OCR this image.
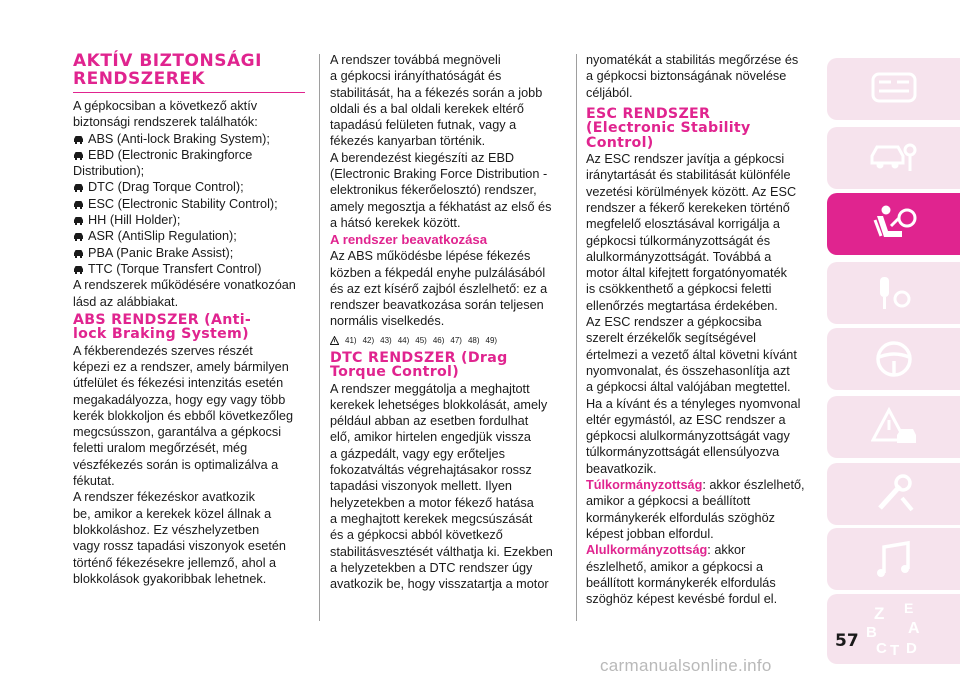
AKTÍV BIZTONSÁGI
RENDSZEREK

A gépkocsiban a következő aktív
biztonsági rendszerek találhatók:

ABS (Anti-lock Braking System);
EBD (Electronic Brakingforce

Distribution);

DTC (Drag Torque Control);
ESC (Electronic Stability Control);
HH (Hill Holder);
ASR (AntiSlip Regulation);
PBA (Panic Brake Assist);
TTC (Torque Transfert Control)

A rendszerek működésére vonatkozóan
lásd az alábbiakat.

ABS RENDSZER (Anti-
lock Braking System)

A fékberendezés szerves részét
képezi ez a rendszer, amely bármilyen
útfelület és fékezési intenzitás esetén
megakadályozza, hogy egy vagy több
kerék blokkoljon és ebből következőleg
megcsússzon, garantálva a gépkocsi
feletti uralom megőrzését, még
vészfékezés során is optimalizálva a
fékutat.

A rendszer fékezéskor avatkozik
be, amikor a kerekek közel állnak a
blokkoláshoz. Ez vészhelyzetben
vagy rossz tapadási viszonyok esetén
történő fékezésekre jellemző, ahol a
blokkolások gyakoribbak lehetnek.

A rendszer továbbá megnöveli
a gépkocsi irányíthatóságát és
stabilitását, ha a fékezés során a jobb
oldali és a bal oldali kerekek eltérő
tapadású felületen futnak, vagy a
fékezés kanyarban történik.

A berendezést kiegészíti az EBD
(Electronic Braking Force Distribution -
elektronikus fékerőelosztó) rendszer,
amely megosztja a fékhatást az első és
a hátsó kerekek között.

A rendszer beavatkozása

Az ABS működésbe lépése fékezés
közben a fékpedál enyhe pulzálásából
és az ezt kísérő zajból észlelhető: ez a
rendszer beavatkozása során teljesen
normális viselkedés.

41) 42) 43) 44) 45) 46) 47) 48) 49)
DTC RENDSZER (Drag
Torque Control)

A rendszer meggátolja a meghajtott
kerekek lehetséges blokkolását, amely
például abban az esetben fordulhat
elő, amikor hirtelen engedjük vissza
a gázpedált, vagy egy erőteljes
fokozatváltás végrehajtásakor rossz
tapadási viszonyok mellett. Ilyen
helyzetekben a motor fékező hatása
a meghajtott kerekek megcsúszását
és a gépkocsi abból következő
stabilitásvesztését válthatja ki. Ezekben
a helyzetekben a DTC rendszer úgy
avatkozik be, hogy visszatartja a motor

nyomatékát a stabilitás megőrzése és
a gépkocsi biztonságának növelése
céljából.

ESC RENDSZER
(Electronic Stability
Control)

Az ESC rendszer javítja a gépkocsi
iránytartását és stabilitását különféle
vezetési körülmények között. Az ESC
rendszer a fékerő kerekeken történő
megfelelő elosztásával korrigálja a
gépkocsi túlkormányzottságát és
alulkormányzottságát. Továbbá a
motor által kifejtett forgatónyomaték
is csökkenthető a gépkocsi feletti
ellenőrzés megtartása érdekében.

Az ESC rendszer a gépkocsiba
szerelt érzékelők segítségével
értelmezi a vezető által követni kívánt
nyomvonalat, és összehasonlítja azt
a gépkocsi által valójában megtettel.
Ha a kívánt és a tényleges nyomvonal
eltér egymástól, az ESC rendszer a
gépkocsi alulkormányzottságát vagy
túlkormányzottságát ellensúlyozva
beavatkozik.

Túlkormányzottság: akkor észlelhető,
amikor a gépkocsi a beállított
kormánykerék elfordulás szöghöz
képest jobban elfordul.

Alulkormányzottság: akkor
észlelhető, amikor a gépkocsi a
beállított kormánykerék elfordulás
szöghöz képest kevésbé fordul el.

Z E
B A
C T D
57
carmanualsonline.info
